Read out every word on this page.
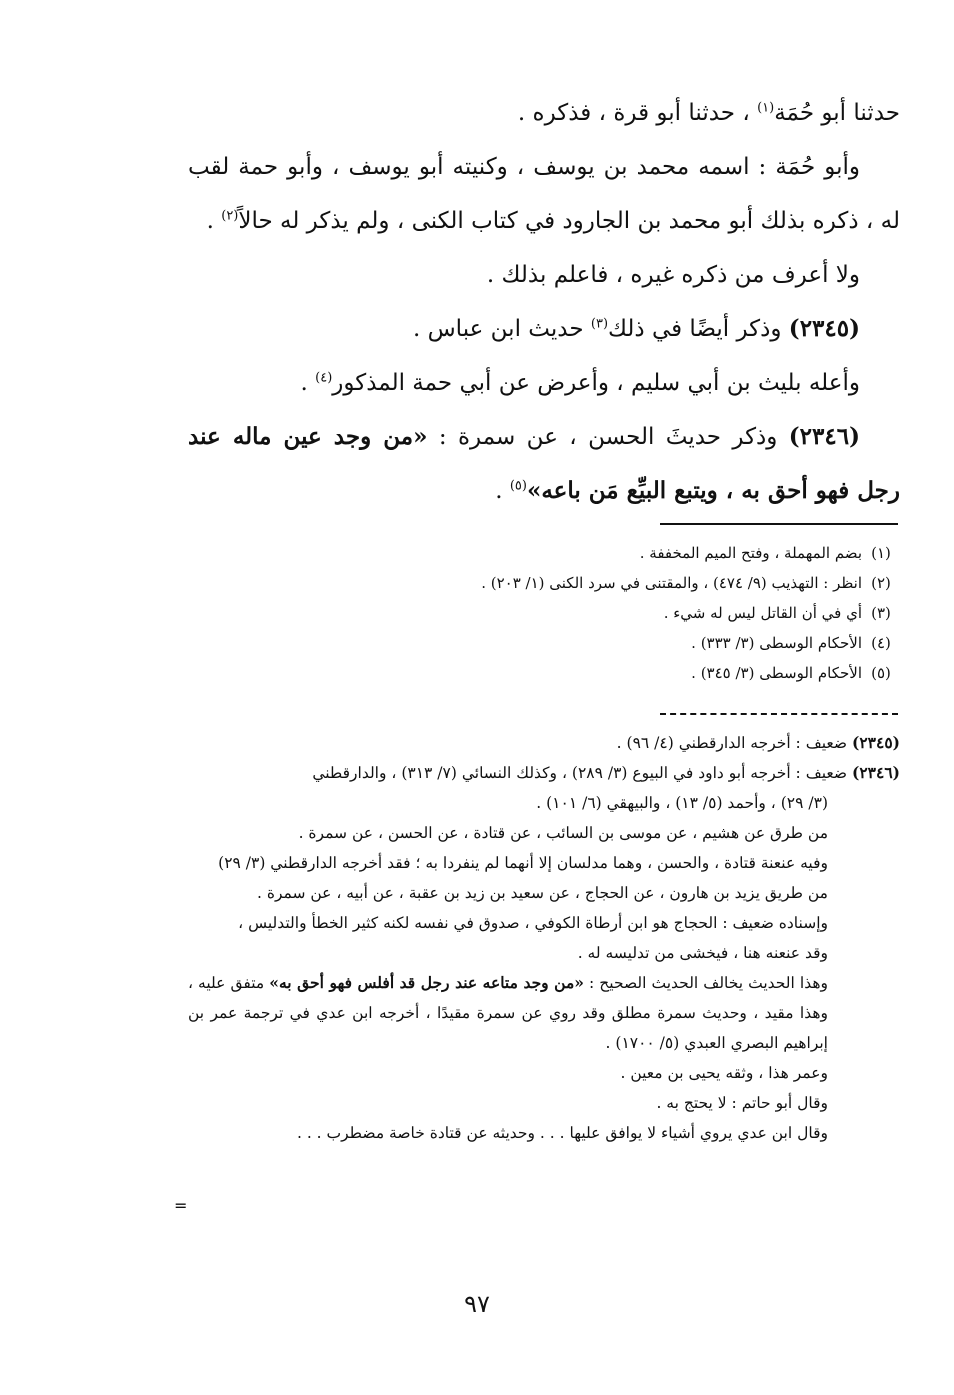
حدثنا أبو حُمَة$^{(١)}$ ، حدثنا أبو قرة ، فذكره .

وأبو حُمَة : اسمه محمد بن يوسف ، وكنيته أبو يوسف ، وأبو حمة لقب له ، ذكره بذلك أبو محمد بن الجارود في كتاب الكنى ، ولم يذكر له حالاً$^{(٢)}$ .

ولا أعرف من ذكره غيره ، فاعلم بذلك .

(٢٣٤٥) وذكر أيضًا في ذلك$^{(٣)}$ حديث ابن عباس .

وأعله بليث بن أبي سليم ، وأعرض عن أبي حمة المذكور$^{(٤)}$ .

(٢٣٤٦) وذكر حديثَ الحسن ، عن سمرة : «من وجد عين ماله عند رجل فهو أحق به ، ويتبع البيِّع مَن باعه»$^{(٥)}$ .

(١)
بضم المهملة ، وفتح الميم المخففة .
(٢)
انظر : التهذيب (٩/ ٤٧٤) ، والمقتنى في سرد الكنى (١/ ٢٠٣) .
(٣)
أي في أن القاتل ليس له شيء .
(٤)
الأحكام الوسطى (٣/ ٣٣٣) .
(٥)
الأحكام الوسطى (٣/ ٣٤٥) .

(٢٣٤٥) ضعيف : أخرجه الدارقطني (٤/ ٩٦) .

(٢٣٤٦) ضعيف : أخرجه أبو داود في البيوع (٣/ ٢٨٩) ، وكذلك النسائي (٧/ ٣١٣) ، والدارقطني

(٣/ ٢٩) ، وأحمد (٥/ ١٣) ، والبيهقي (٦/ ١٠١) .

من طرق عن هشيم ، عن موسى بن السائب ، عن قتادة ، عن الحسن ، عن سمرة .

وفيه عنعنة قتادة ، والحسن ، وهما مدلسان إلا أنهما لم ينفردا به ؛ فقد أخرجه الدارقطني (٣/ ٢٩)

من طريق يزيد بن هارون ، عن الحجاج ، عن سعيد بن زيد بن عقبة ، عن أبيه ، عن سمرة .

وإسناده ضعيف : الحجاج هو ابن أرطاة الكوفي ، صدوق في نفسه لكنه كثير الخطأ والتدليس ،

وقد عنعنه هنا ، فيخشى من تدليسه له .

وهذا الحديث يخالف الحديث الصحيح : «من وجد متاعه عند رجل قد أفلس فهو أحق به» متفق عليه ، وهذا مقيد ، وحديث سمرة مطلق وقد روي عن سمرة مقيدًا ، أخرجه ابن عدي في ترجمة عمر بن إبراهيم البصري العبدي (٥/ ١٧٠٠) .

وعمر هذا ، وثقه يحيى بن معين .

وقال أبو حاتم : لا يحتج به .

وقال ابن عدي يروي أشياء لا يوافق عليها . . . وحديثه عن قتادة خاصة مضطرب . . .

=
٩٧
